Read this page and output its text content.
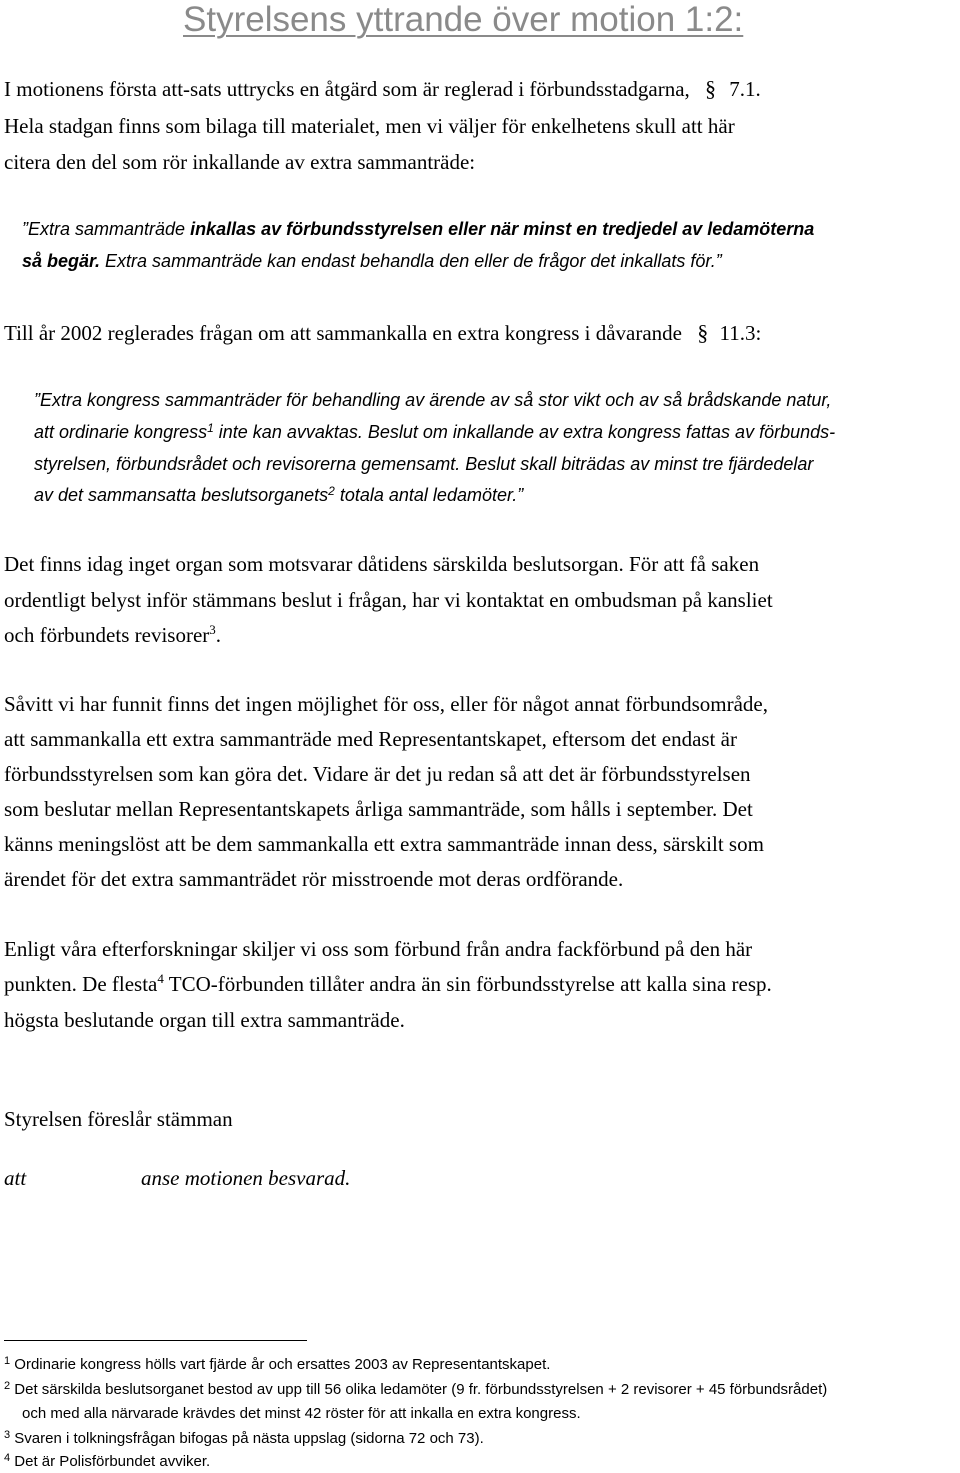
Styrelsens yttrande över motion 1:2:
I motionens första att-sats uttrycks en åtgärd som är reglerad i förbundsstadgarna, § 7.1.
Hela stadgan finns som bilaga till materialet, men vi väljer för enkelhetens skull att här
citera den del som rör inkallande av extra sammanträde:
”Extra sammanträde inkallas av förbundsstyrelsen eller när minst en tredjedel av ledamöterna
så begär. Extra sammanträde kan endast behandla den eller de frågor det inkallats för.”
Till år 2002 reglerades frågan om att sammankalla en extra kongress i dåvarande § 11.3:
”Extra kongress sammanträder för behandling av ärende av så stor vikt och av så brådskande natur,
att ordinarie kongress$^1$ inte kan avvaktas. Beslut om inkallande av extra kongress fattas av förbunds-
styrelsen, förbundsrådet och revisorerna gemensamt. Beslut skall biträdas av minst tre fjärdedelar
av det sammansatta beslutsorganets$^2$ totala antal ledamöter.”
Det finns idag inget organ som motsvarar dåtidens särskilda beslutsorgan. För att få saken
ordentligt belyst inför stämmans beslut i frågan, har vi kontaktat en ombudsman på kansliet
och förbundets revisorer$^3$.
Såvitt vi har funnit finns det ingen möjlighet för oss, eller för något annat förbundsområde,
att sammankalla ett extra sammanträde med Representantskapet, eftersom det endast är
förbundsstyrelsen som kan göra det. Vidare är det ju redan så att det är förbundsstyrelsen
som beslutar mellan Representantskapets årliga sammanträde, som hålls i september. Det
känns meningslöst att be dem sammankalla ett extra sammanträde innan dess, särskilt som
ärendet för det extra sammanträdet rör misstroende mot deras ordförande.
Enligt våra efterforskningar skiljer vi oss som förbund från andra fackförbund på den här
punkten. De flesta$^4$ TCO-förbunden tillåter andra än sin förbundsstyrelse att kalla sina resp.
högsta beslutande organ till extra sammanträde.
Styrelsen föreslår stämman
att	anse motionen besvarad.
$^1$ Ordinarie kongress hölls vart fjärde år och ersattes 2003 av Representantskapet.
$^2$ Det särskilda beslutsorganet bestod av upp till 56 olika ledamöter (9 fr. förbundsstyrelsen + 2 revisorer + 45 förbundsrådet)
och med alla närvarade krävdes det minst 42 röster för att inkalla en extra kongress.
$^3$ Svaren i tolkningsfrågan bifogas på nästa uppslag (sidorna 72 och 73).
$^4$ Det är Polisförbundet avviker.
